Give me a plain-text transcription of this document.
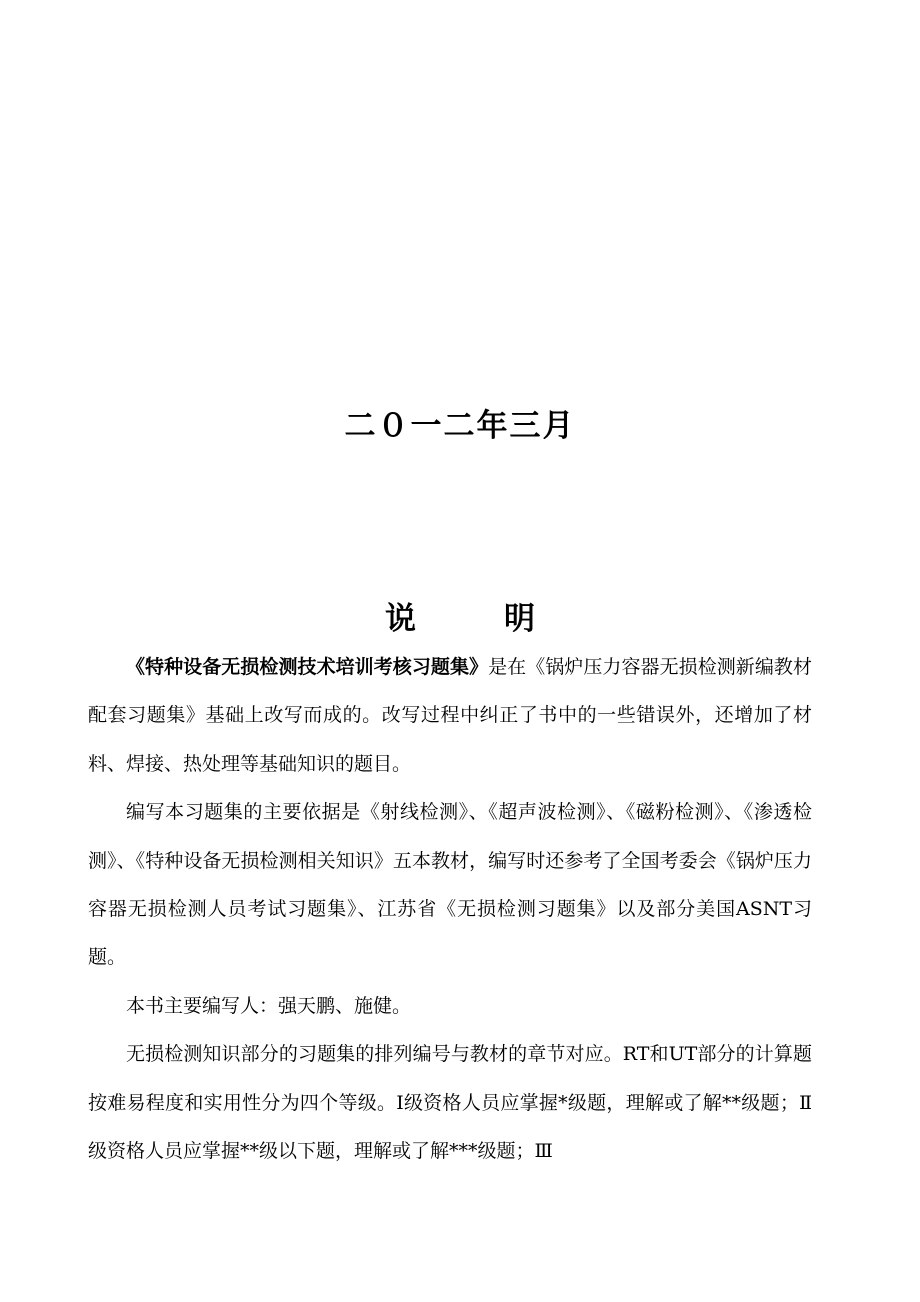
二０一二年三月
说	明

《特种设备无损检测技术培训考核习题集》是在《锅炉压力容器无损检测新编教材配套习题集》基础上改写而成的。改写过程中纠正了书中的一些错误外，还增加了材料、焊接、热处理等基础知识的题目。

编写本习题集的主要依据是《射线检测》、《超声波检测》、《磁粉检测》、《渗透检测》、《特种设备无损检测相关知识》五本教材，编写时还参考了全国考委会《锅炉压力容器无损检测人员考试习题集》、江苏省《无损检测习题集》以及部分美国ASNT习题。

本书主要编写人：强天鹏、施健。

无损检测知识部分的习题集的排列编号与教材的章节对应。RT和UT部分的计算题按难易程度和实用性分为四个等级。Ⅰ级资格人员应掌握*级题，理解或了解**级题；Ⅱ级资格人员应掌握**级以下题，理解或了解***级题；Ⅲ
